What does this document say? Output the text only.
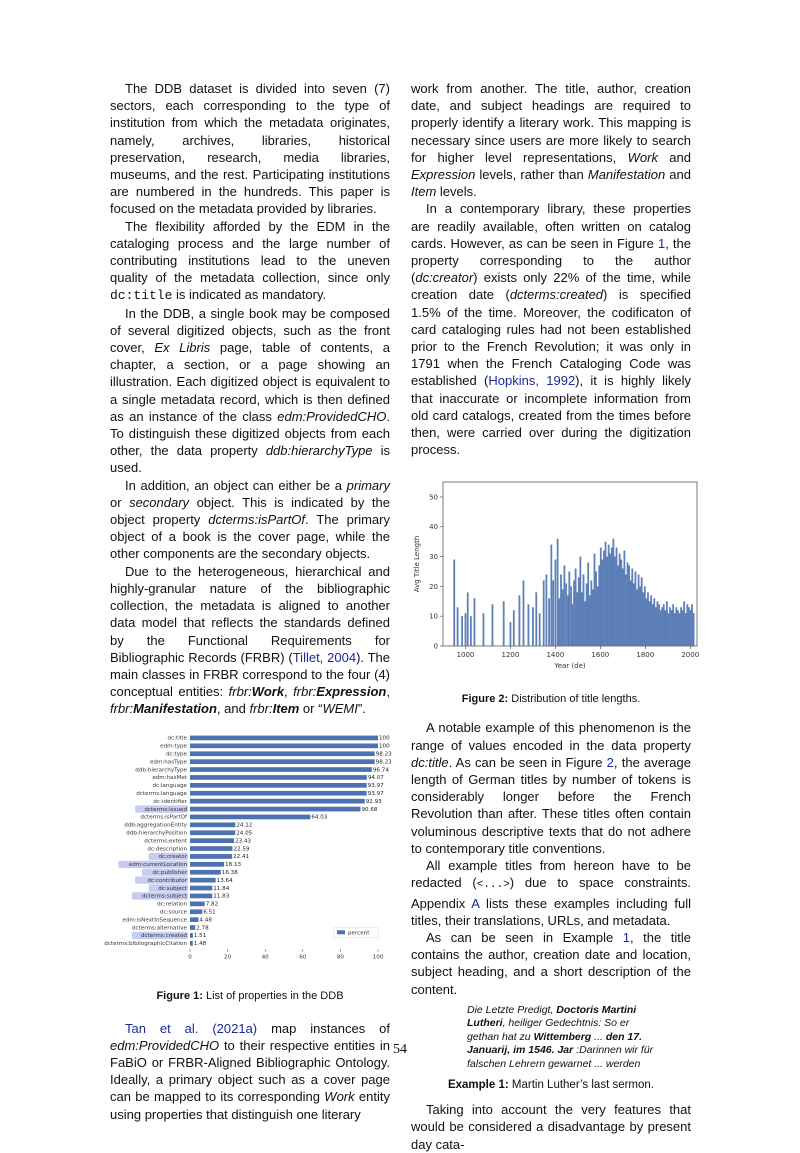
The DDB dataset is divided into seven (7) sectors, each corresponding to the type of institution from which the metadata originates, namely, archives, libraries, historical preservation, research, media libraries, museums, and the rest. Participating institutions are numbered in the hundreds. This paper is focused on the metadata provided by libraries.

The flexibility afforded by the EDM in the cataloging process and the large number of contributing institutions lead to the uneven quality of the metadata collection, since only dc:title is indicated as mandatory.

In the DDB, a single book may be composed of several digitized objects, such as the front cover, Ex Libris page, table of contents, a chapter, a section, or a page showing an illustration. Each digitized object is equivalent to a single metadata record, which is then defined as an instance of the class edm:ProvidedCHO. To distinguish these digitized objects from each other, the data property ddb:hierarchyType is used.

In addition, an object can either be a primary or secondary object. This is indicated by the object property dcterms:isPartOf. The primary object of a book is the cover page, while the other components are the secondary objects.

Due to the heterogeneous, hierarchical and highly-granular nature of the bibliographic collection, the metadata is aligned to another data model that reflects the standards defined by the Functional Requirements for Bibliographic Records (FRBR) (Tillet, 2004). The main classes in FRBR correspond to the four (4) conceptual entities: frbr:Work, frbr:Expression, frbr:Manifestation, and frbr:Item or “WEMI”.

dc:title	100
edm:type	100
dc:type	98.23
edm:hasType	98.23
ddb:hierarchyType	96.74
edm:hasMet	94.07
dc:language	93.97
dcterms:language	93.97
dc:identifier	92.93
dcterms:issued	90.68
dcterms:isPartOf	64.03
ddb:aggregationEntity	24.12
ddb:hierarchyPosition	24.05
dcterms:extent	23.43
dc:description	22.59
dc:creator	22.41
edm:currentLocation	18.13
dc:publisher	16.38
dc:contributor	13.64
dc:subject	11.84
dcterms:subject	11.83
dc:relation	7.82
dc:source	6.51
edm:isNextInSequence 4.48
dcterms:alternative 2.78
dcterms:created 1.51
dcterms:bibliographicCitation 1.48
0	20	40	60	80	100
percent

Figure 1: List of properties in the DDB

Tan et al. (2021a) map instances of edm:ProvidedCHO to their respective entities in FaBiO or FRBR-Aligned Bibliographic Ontology. Ideally, a primary object such as a cover page can be mapped to its corresponding Work entity using properties that distinguish one literary

work from another. The title, author, creation date, and subject headings are required to properly identify a literary work. This mapping is necessary since users are more likely to search for higher level representations, Work and Expression levels, rather than Manifestation and Item levels.

In a contemporary library, these properties are readily available, often written on catalog cards. However, as can be seen in Figure 1, the property corresponding to the author (dc:creator) exists only 22% of the time, while creation date (dcterms:created) is specified 1.5% of the time. Moreover, the codificaton of card cataloging rules had not been established prior to the French Revolution; it was only in 1791 when the French Cataloging Code was established (Hopkins, 1992), it is highly likely that inaccurate or incomplete information from old card catalogs, created from the times before then, were carried over during the digitization process.

0
10
20
30
40
50
1000	1200	1400	1600	1800	2000
Year (de)
Avg Title Length

Figure 2: Distribution of title lengths.

A notable example of this phenomenon is the range of values encoded in the data property dc:title. As can be seen in Figure 2, the average length of German titles by number of tokens is considerably longer before the French Revolution than after. These titles often contain voluminous descriptive texts that do not adhere to contemporary title conventions.

All example titles from hereon have to be redacted (<...>) due to space constraints. Appendix A lists these examples including full titles, their translations, URLs, and metadata.

As can be seen in Example 1, the title contains the author, creation date and location, subject heading, and a short description of the content.

Die Letzte Predigt, Doctoris Martini Lutheri, heiliger Gedechtnis: So er gethan hat zu Wittemberg ... den 17. Januarij, im 1546. Jar :Darinnen wir für falschen Lehrern gewarnet ... werden

Example 1: Martin Luther’s last sermon.

Taking into account the very features that would be considered a disadvantage by present day cata-

54
